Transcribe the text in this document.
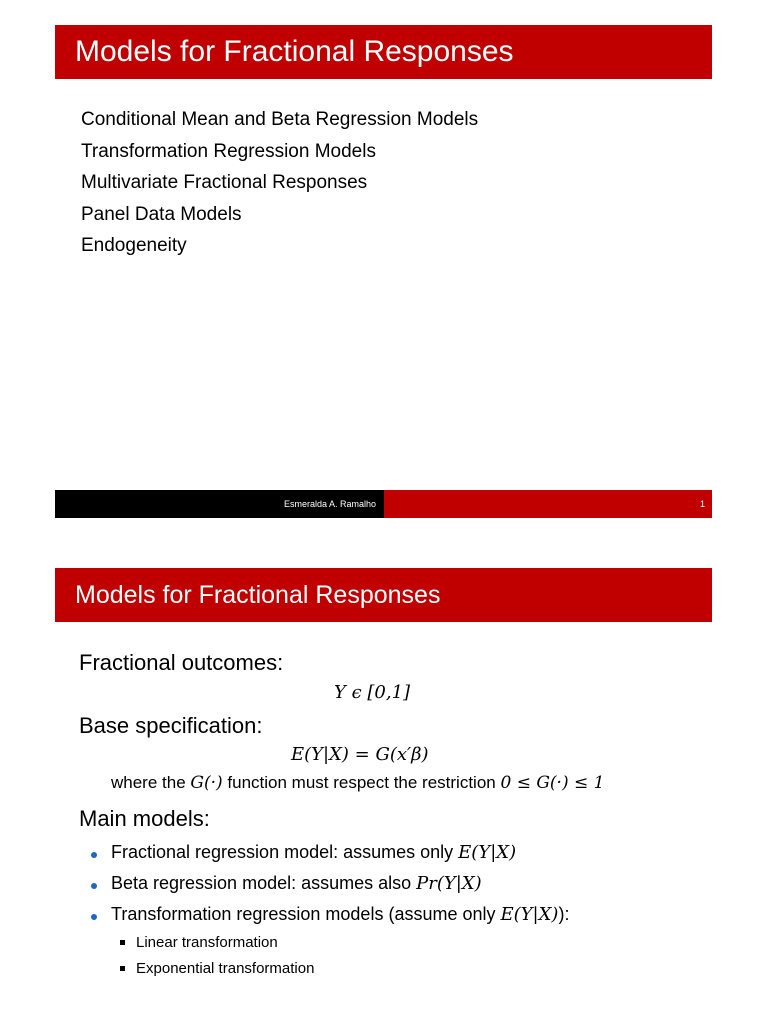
Models for Fractional Responses
Conditional Mean and Beta Regression Models
Transformation Regression Models
Multivariate Fractional Responses
Panel Data Models
Endogeneity
Esmeralda A. Ramalho	1
Models for Fractional Responses
Fractional outcomes:
Y ϵ [0,1]
Base specification:
E(Y|X) = G(x′β)
where the G(·) function must respect the restriction 0 ≤ G(·) ≤ 1
Main models:
Fractional regression model: assumes only E(Y|X)
Beta regression model: assumes also Pr(Y|X)
Transformation regression models (assume only E(Y|X) ):
Linear transformation
Exponential transformation
